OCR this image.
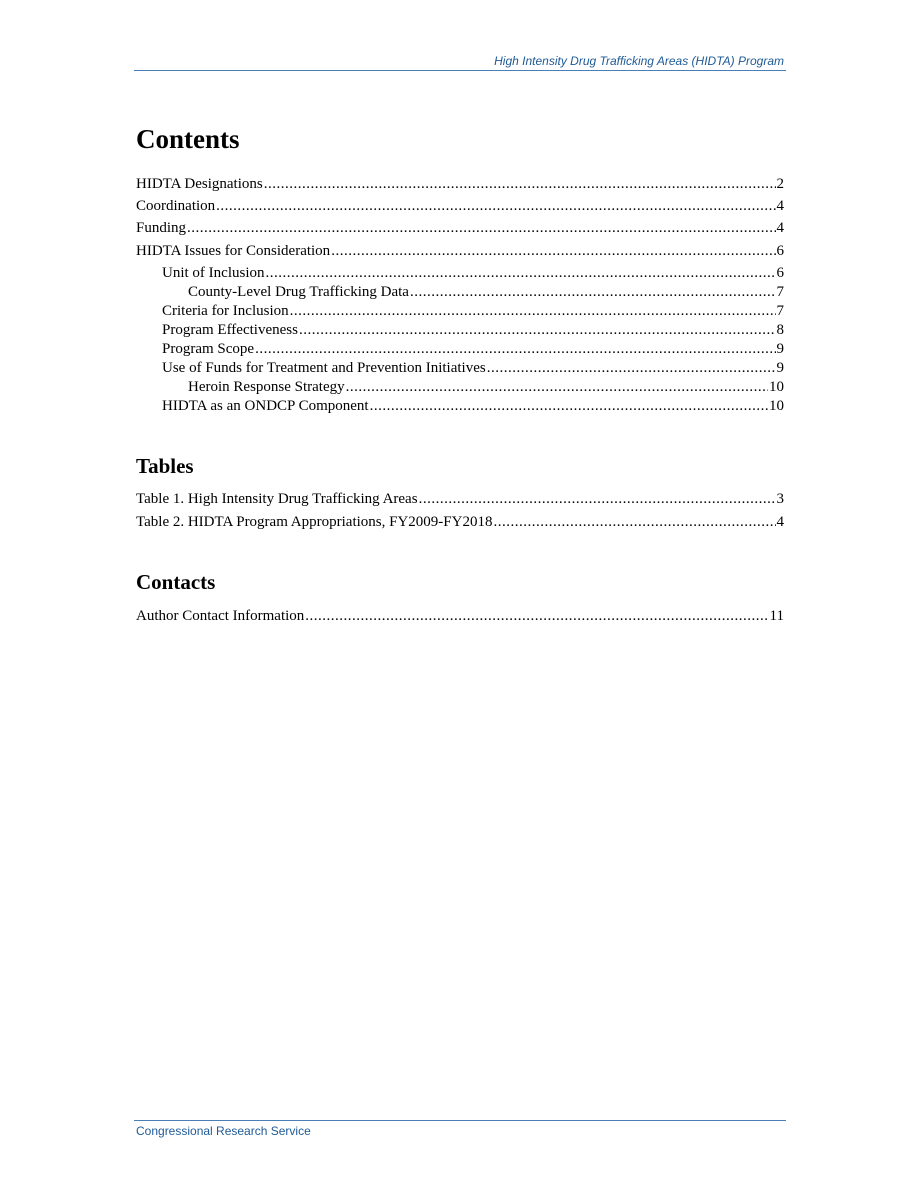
High Intensity Drug Trafficking Areas (HIDTA) Program
Contents
HIDTA Designations .....	2
Coordination .....	4
Funding .....	4
HIDTA Issues for Consideration .....	6
Unit of Inclusion .....	6
County-Level Drug Trafficking Data .....	7
Criteria for Inclusion .....	7
Program Effectiveness .....	8
Program Scope .....	9
Use of Funds for Treatment and Prevention Initiatives .....	9
Heroin Response Strategy .....	10
HIDTA as an ONDCP Component .....	10
Tables
Table 1. High Intensity Drug Trafficking Areas .....	3
Table 2. HIDTA Program Appropriations, FY2009-FY2018 .....	4
Contacts
Author Contact Information .....	11
Congressional Research Service
